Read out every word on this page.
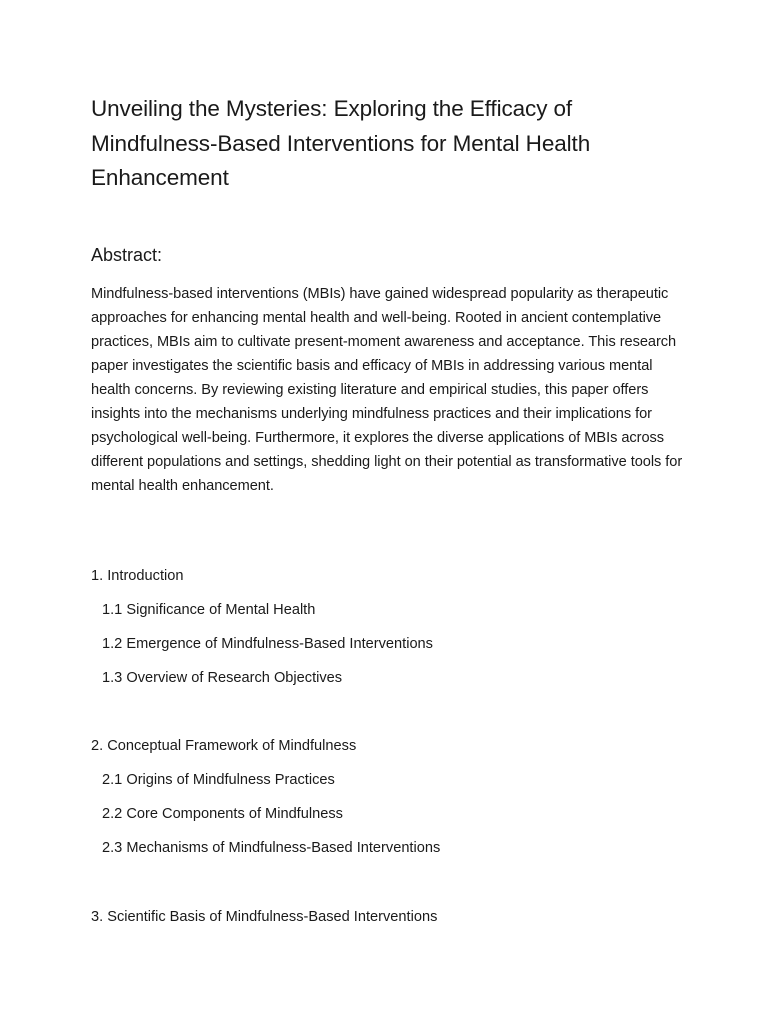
Unveiling the Mysteries: Exploring the Efficacy of Mindfulness-Based Interventions for Mental Health Enhancement
Abstract:

Mindfulness-based interventions (MBIs) have gained widespread popularity as therapeutic approaches for enhancing mental health and well-being. Rooted in ancient contemplative practices, MBIs aim to cultivate present-moment awareness and acceptance. This research paper investigates the scientific basis and efficacy of MBIs in addressing various mental health concerns. By reviewing existing literature and empirical studies, this paper offers insights into the mechanisms underlying mindfulness practices and their implications for psychological well-being. Furthermore, it explores the diverse applications of MBIs across different populations and settings, shedding light on their potential as transformative tools for mental health enhancement.

1. Introduction
1.1 Significance of Mental Health
1.2 Emergence of Mindfulness-Based Interventions
1.3 Overview of Research Objectives
2. Conceptual Framework of Mindfulness
2.1 Origins of Mindfulness Practices
2.2 Core Components of Mindfulness
2.3 Mechanisms of Mindfulness-Based Interventions
3. Scientific Basis of Mindfulness-Based Interventions
